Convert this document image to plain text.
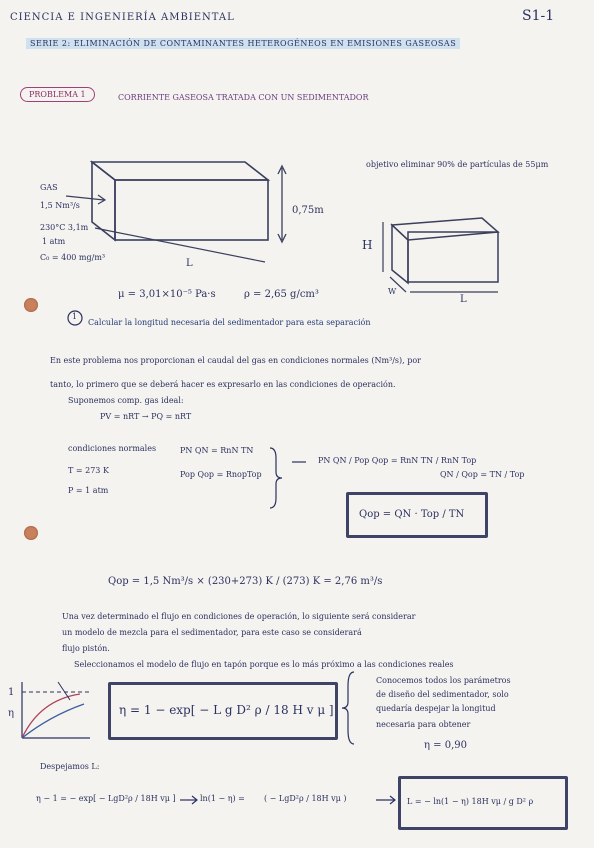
CIENCIA E INGENIERÍA AMBIENTAL	S1-1
SERIE 2: ELIMINACIÓN DE CONTAMINANTES HETEROGÉNEOS EN EMISIONES GASEOSAS
PROBLEMA 1	CORRIENTE GASEOSA TRATADA CON UN SEDIMENTADOR
GAS
1,5 Nm³/s
230°C 3,1m
1 atm
C₀ = 400 mg/m³
0,75m
L
objetivo eliminar 90% de partículas de 55μm
H
W
L
μ = 3,01×10⁻⁵ Pa·s	ρ = 2,65 g/cm³
1
Calcular la longitud necesaria del sedimentador para esta separación
En este problema nos proporcionan el caudal del gas en condiciones normales (Nm³/s), por
tanto, lo primero que se deberá hacer es expresarlo en las condiciones de operación.
Suponemos comp. gas ideal:
PV = nRT → PQ = nRT
condiciones normales
T = 273 K
P = 1 atm
PN QN = RnN TN
Pop Qop = RnopTop
PN QN / Pop Qop = RnN TN / RnN Top
QN / Qop = TN / Top
Qop = QN · Top / TN
Qop = 1,5 Nm³/s × (230+273) K / (273) K = 2,76 m³/s
Una vez determinado el flujo en condiciones de operación, lo siguiente será considerar
un modelo de mezcla para el sedimentador, para este caso se considerará
flujo pistón.
Seleccionamos el modelo de flujo en tapón porque es lo más próximo a las condiciones reales
1
η	η = 1 − exp[ − L g D² ρ / 18 H v μ ]
Conocemos todos los parámetros
de diseño del sedimentador, solo
quedaría despejar la longitud
necesaria para obtener
η = 0,90
Despejamos L:
η − 1 = − exp[ − LgD²ρ / 18H vμ ]	ln(1 − η) = ( − LgD²ρ / 18H vμ )	L = − ln(1 − η) 18H vμ / g D² ρ
